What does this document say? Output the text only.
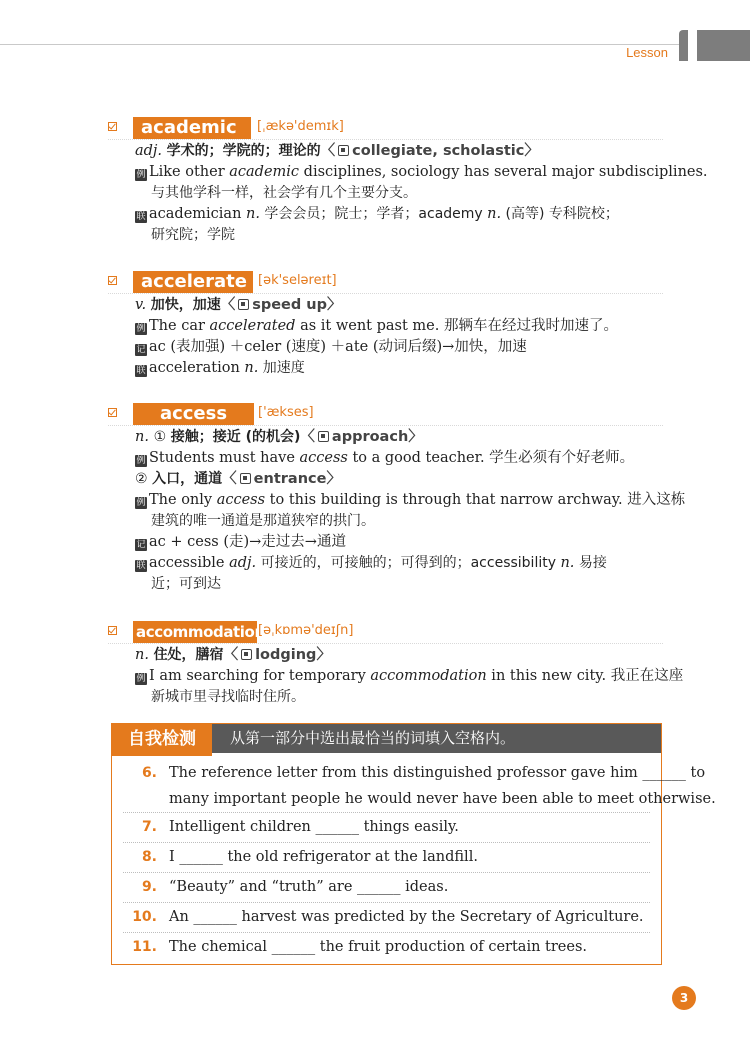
Lesson
academic	[ˌækə'demɪk]
adj. 学术的；学院的；理论的〈 collegiate, scholastic〉
例 Like other academic disciplines, sociology has several major subdisciplines.
与其他学科一样，社会学有几个主要分支。
联 academician n. 学会会员；院士；学者；academy n. (高等) 专科院校；
研究院；学院
accelerate [ək'seləreɪt]
v. 加快，加速〈 speed up〉
例 The car accelerated as it went past me. 那辆车在经过我时加速了。
记 ac (表加强) ＋celer (速度) ＋ate (动词后缀)→加快，加速
联 acceleration n. 加速度
access	['ækses]
n. ① 接触；接近 (的机会)〈 approach〉
例 Students must have access to a good teacher. 学生必须有个好老师。
② 入口，通道〈 entrance〉
例 The only access to this building is through that narrow archway. 进入这栋
建筑的唯一通道是那道狭窄的拱门。
记 ac + cess (走)→走过去→通道
联 accessible adj. 可接近的，可接触的；可得到的；accessibility n. 易接
近；可到达
accommodation
[əˌkɒmə'deɪʃn]
n. 住处，膳宿〈 lodging〉
例 I am searching for temporary accommodation in this new city. 我正在这座
新城市里寻找临时住所。
自我检测	从第一部分中选出最恰当的词填入空格内。
6. The reference letter from this distinguished professor gave him ______ to
many important people he would never have been able to meet otherwise.
7. Intelligent children ______ things easily.
8. I ______ the old refrigerator at the landfill.
9. “Beauty” and “truth” are ______ ideas.
10. An ______ harvest was predicted by the Secretary of Agriculture.
11. The chemical ______ the fruit production of certain trees.
3
